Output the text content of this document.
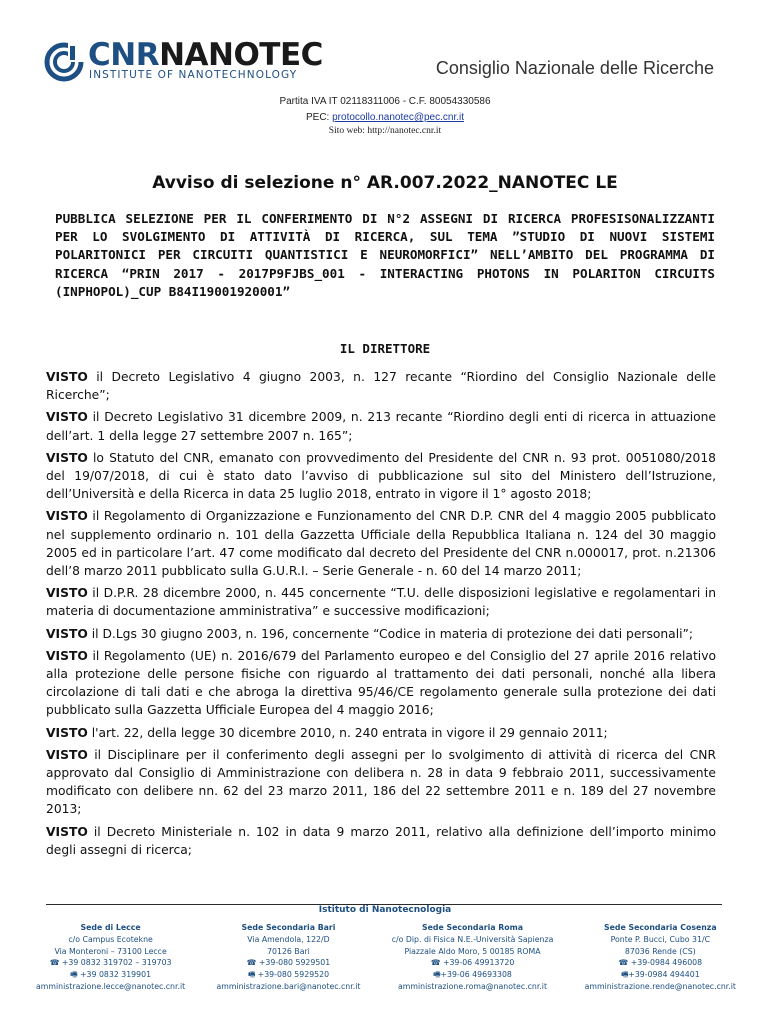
CNRNANOTEC
INSTITUTE OF NANOTECHNOLOGY	Consiglio Nazionale delle Ricerche
Partita IVA IT 02118311006 - C.F. 80054330586
PEC: protocollo.nanotec@pec.cnr.it
Sito web: http://nanotec.cnr.it
Avviso di selezione n° AR.007.2022_NANOTEC LE
PUBBLICA SELEZIONE PER IL CONFERIMENTO DI N°2 ASSEGNI DI RICERCA PROFESISONALIZZANTI PER LO SVOLGIMENTO DI ATTIVITÀ DI RICERCA, SUL TEMA ”STUDIO DI NUOVI SISTEMI POLARITONICI PER CIRCUITI QUANTISTICI E NEUROMORFICI” NELL’AMBITO DEL PROGRAMMA DI RICERCA “PRIN 2017 - 2017P9FJBS_001 - INTERACTING PHOTONS IN POLARITON CIRCUITS (INPHOPOL)_CUP B84I19001920001”
IL DIRETTORE

VISTO il Decreto Legislativo 4 giugno 2003, n. 127 recante “Riordino del Consiglio Nazionale delle Ricerche”;

VISTO il Decreto Legislativo 31 dicembre 2009, n. 213 recante “Riordino degli enti di ricerca in attuazione dell’art. 1 della legge 27 settembre 2007 n. 165”;

VISTO lo Statuto del CNR, emanato con provvedimento del Presidente del CNR n. 93 prot. 0051080/2018 del 19/07/2018, di cui è stato dato l’avviso di pubblicazione sul sito del Ministero dell’Istruzione, dell’Università e della Ricerca in data 25 luglio 2018, entrato in vigore il 1° agosto 2018;

VISTO il Regolamento di Organizzazione e Funzionamento del CNR D.P. CNR del 4 maggio 2005 pubblicato nel supplemento ordinario n. 101 della Gazzetta Ufficiale della Repubblica Italiana n. 124 del 30 maggio 2005 ed in particolare l’art. 47 come modificato dal decreto del Presidente del CNR n.000017, prot. n.21306 dell’8 marzo 2011 pubblicato sulla G.U.R.I. – Serie Generale - n. 60 del 14 marzo 2011;

VISTO il D.P.R. 28 dicembre 2000, n. 445 concernente “T.U. delle disposizioni legislative e regolamentari in materia di documentazione amministrativa” e successive modificazioni;

VISTO il D.Lgs 30 giugno 2003, n. 196, concernente “Codice in materia di protezione dei dati personali”;

VISTO il Regolamento (UE) n. 2016/679 del Parlamento europeo e del Consiglio del 27 aprile 2016 relativo alla protezione delle persone fisiche con riguardo al trattamento dei dati personali, nonché alla libera circolazione di tali dati e che abroga la direttiva 95/46/CE regolamento generale sulla protezione dei dati pubblicato sulla Gazzetta Ufficiale Europea del 4 maggio 2016;

VISTO l'art. 22, della legge 30 dicembre 2010, n. 240 entrata in vigore il 29 gennaio 2011;

VISTO il Disciplinare per il conferimento degli assegni per lo svolgimento di attività di ricerca del CNR approvato dal Consiglio di Amministrazione con delibera n. 28 in data 9 febbraio 2011, successivamente modificato con delibere nn. 62 del 23 marzo 2011, 186 del 22 settembre 2011 e n. 189 del 27 novembre 2013;

VISTO il Decreto Ministeriale n. 102 in data 9 marzo 2011, relativo alla definizione dell’importo minimo degli assegni di ricerca;

Istituto di Nanotecnologia
Sede di Lecce
c/o Campus Ecotekne
Via Monteroni – 73100 Lecce
☎ +39 0832 319702 – 319703
🖷 +39 0832 319901
amministrazione.lecce@nanotec.cnr.it
Sede Secondaria Bari
Via Amendola, 122/D
70126 Bari
☎ +39-080 5929501
🖷 +39-080 5929520
amministrazione.bari@nanotec.cnr.it
Sede Secondaria Roma
c/o Dip. di Fisica N.E.-Università Sapienza
Piazzale Aldo Moro, 5 00185 ROMA
☎ +39-06 49913720
🖷+39-06 49693308
amministrazione.roma@nanotec.cnr.it
Sede Secondaria Cosenza
Ponte P. Bucci, Cubo 31/C
87036 Rende (CS)
☎ +39-0984 496008
🖷+39-0984 494401
amministrazione.rende@nanotec.cnr.it
